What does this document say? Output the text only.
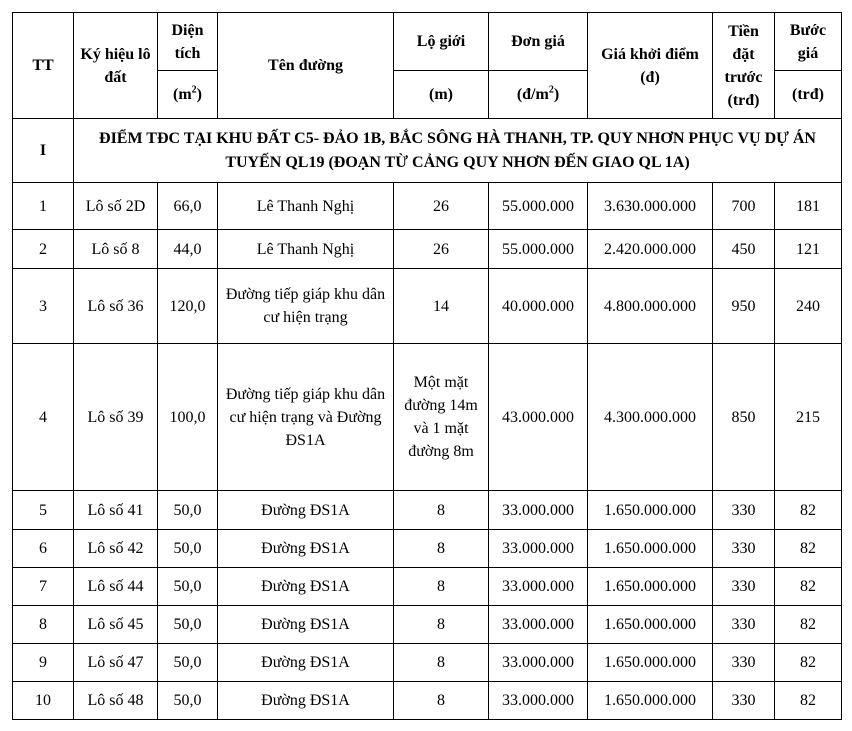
TT	Ký hiệu lô đất	Diện tích	Tên đường	Lộ giới	Đơn giá	Giá khởi điểm (đ)	Tiền đặt trước (trđ)	Bước giá
		$(m^2)$		(m)	$(đ/m^2)$			(trđ)
I	ĐIỂM TĐC TẠI KHU ĐẤT C5- ĐẢO 1B, BẮC SÔNG HÀ THANH, TP. QUY NHƠN PHỤC VỤ DỰ ÁN TUYẾN QL19 (ĐOẠN TỪ CẢNG QUY NHƠN ĐẾN GIAO QL 1A)							
1	Lô số 2D	66,0	Lê Thanh Nghị	26	55.000.000	3.630.000.000	700	181
2	Lô số 8	44,0	Lê Thanh Nghị	26	55.000.000	2.420.000.000	450	121
3	Lô số 36	120,0	Đường tiếp giáp khu dân cư hiện trạng	14	40.000.000	4.800.000.000	950	240
4	Lô số 39	100,0	Đường tiếp giáp khu dân cư hiện trạng và Đường ĐS1A	Một mặt đường 14m và 1 mặt đường 8m	43.000.000	4.300.000.000	850	215
5	Lô số 41	50,0	Đường ĐS1A	8	33.000.000	1.650.000.000	330	82
6	Lô số 42	50,0	Đường ĐS1A	8	33.000.000	1.650.000.000	330	82
7	Lô số 44	50,0	Đường ĐS1A	8	33.000.000	1.650.000.000	330	82
8	Lô số 45	50,0	Đường ĐS1A	8	33.000.000	1.650.000.000	330	82
9	Lô số 47	50,0	Đường ĐS1A	8	33.000.000	1.650.000.000	330	82
10	Lô số 48	50,0	Đường ĐS1A	8	33.000.000	1.650.000.000	330	82
